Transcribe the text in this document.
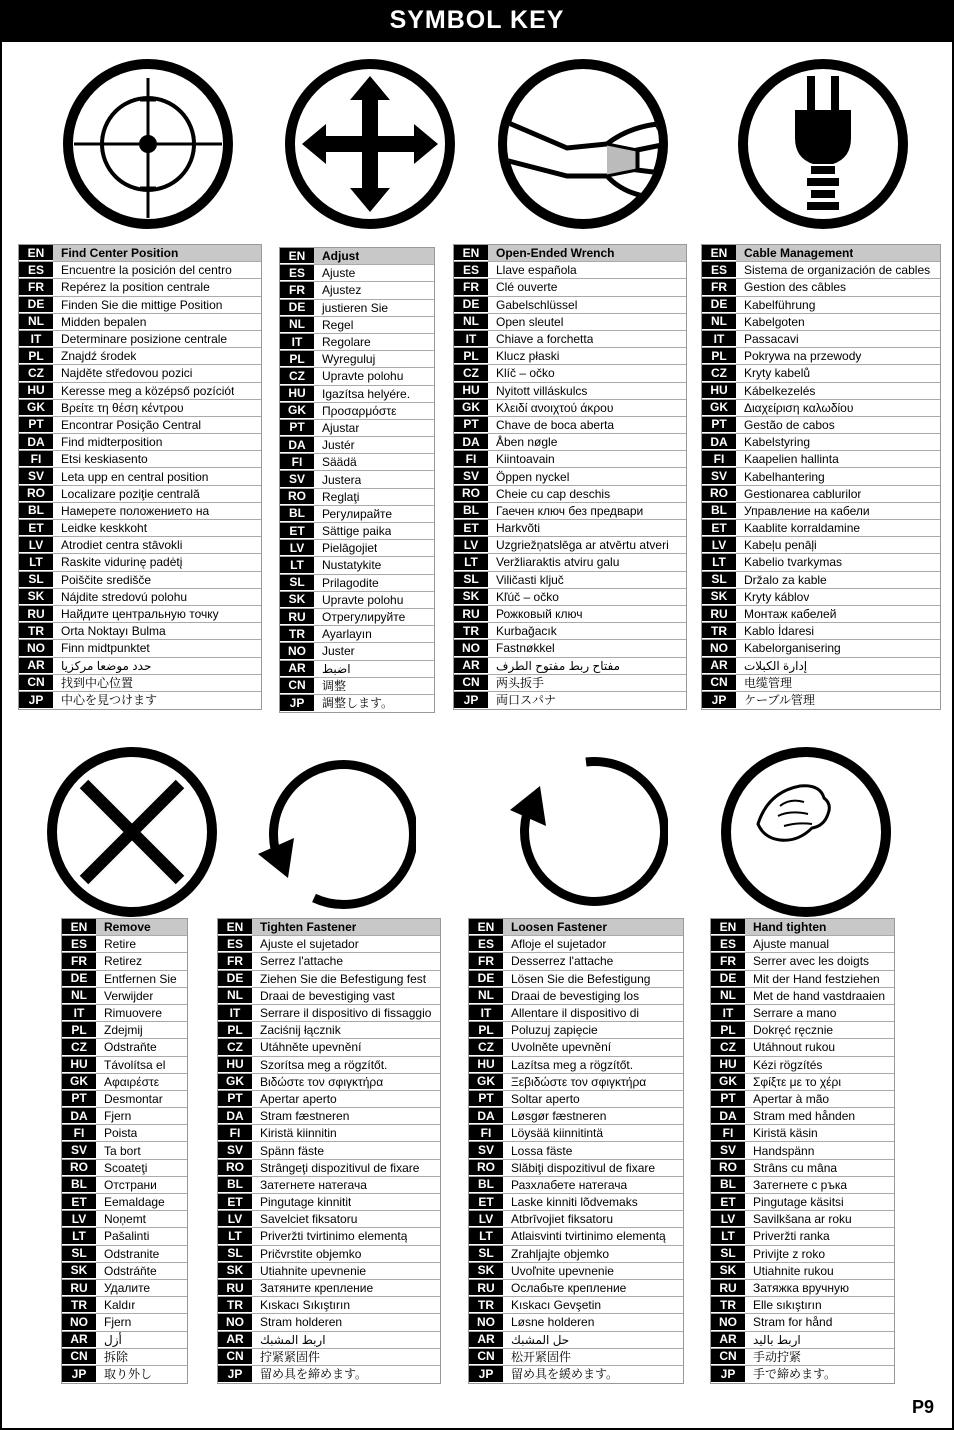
SYMBOL KEY
EN	Find Center Position
ES	Encuentre la posición del centro
FR	Repérez la position centrale
DE	Finden Sie die mittige Position
NL	Midden bepalen
IT	Determinare posizione centrale
PL	Znajdź środek
CZ	Najděte středovou pozici
HU	Keresse meg a középső pozíciót
GK	Βρείτε τη θέση κέντρου
PT	Encontrar Posição Central
DA	Find midterposition
FI	Etsi keskiasento
SV	Leta upp en central position
RO	Localizare poziţie centrală
BL	Намерете положението на
ET	Leidke keskkoht
LV	Atrodiet centra stāvokli
LT	Raskite vidurinę padėtį
SL	Poiščite središče
SK	Nájdite stredovú polohu
RU	Найдите центральную точку
TR	Orta Noktayı Bulma
NO	Finn midtpunktet
AR	حدد موضعا مركزيا
CN	找到中心位置
JP	中心を見つけます
EN	Adjust
ES	Ajuste
FR	Ajustez
DE	justieren Sie
NL	Regel
IT	Regolare
PL	Wyreguluj
CZ	Upravte polohu
HU	Igazítsa helyére.
GK	Προσαρμόστε
PT	Ajustar
DA	Justér
FI	Säädä
SV	Justera
RO	Reglaţi
BL	Регулирайте
ET	Sättige paika
LV	Pielāgojiet
LT	Nustatykite
SL	Prilagodite
SK	Upravte polohu
RU	Отрегулируйте
TR	Ayarlayın
NO	Juster
AR	اضبط
CN	调整
JP	調整します。
EN	Open-Ended Wrench
ES	Llave española
FR	Clé ouverte
DE	Gabelschlüssel
NL	Open sleutel
IT	Chiave a forchetta
PL	Klucz płaski
CZ	Klíč – očko
HU	Nyitott villáskulcs
GK	Κλειδί ανοιχτού άκρου
PT	Chave de boca aberta
DA	Åben nøgle
FI	Kiintoavain
SV	Öppen nyckel
RO	Cheie cu cap deschis
BL	Гаечен ключ без предвари
ET	Harkvõti
LV	Uzgriežņatslēga ar atvērtu atveri
LT	Veržliaraktis atviru galu
SL	Viličasti ključ
SK	Kľúč – očko
RU	Рожковый ключ
TR	Kurbağacık
NO	Fastnøkkel
AR	مفتاح ربط مفتوح الطرف
CN	两头扳手
JP	両口スパナ
EN	Cable Management
ES	Sistema de organización de cables
FR	Gestion des câbles
DE	Kabelführung
NL	Kabelgoten
IT	Passacavi
PL	Pokrywa na przewody
CZ	Kryty kabelů
HU	Kábelkezelés
GK	Διαχείριση καλωδίου
PT	Gestão de cabos
DA	Kabelstyring
FI	Kaapelien hallinta
SV	Kabelhantering
RO	Gestionarea cablurilor
BL	Управление на кабели
ET	Kaablite korraldamine
LV	Kabeļu penāļi
LT	Kabelio tvarkymas
SL	Držalo za kable
SK	Kryty káblov
RU	Монтаж кабелей
TR	Kablo İdaresi
NO	Kabelorganisering
AR	إدارة الكبلات
CN	电缆管理
JP	ケーブル管理
EN	Remove
ES	Retire
FR	Retirez
DE	Entfernen Sie
NL	Verwijder
IT	Rimuovere
PL	Zdejmij
CZ	Odstraňte
HU	Távolítsa el
GK	Αφαιρέστε
PT	Desmontar
DA	Fjern
FI	Poista
SV	Ta bort
RO	Scoateţi
BL	Отстрани
ET	Eemaldage
LV	Noņemt
LT	Pašalinti
SL	Odstranite
SK	Odstráňte
RU	Удалите
TR	Kaldır
NO	Fjern
AR	أزل
CN	拆除
JP	取り外し
EN	Tighten Fastener
ES	Ajuste el sujetador
FR	Serrez l'attache
DE	Ziehen Sie die Befestigung fest
NL	Draai de bevestiging vast
IT	Serrare il dispositivo di fissaggio
PL	Zaciśnij łącznik
CZ	Utáhněte upevnění
HU	Szorítsa meg a rögzítőt.
GK	Βιδώστε τον σφιγκτήρα
PT	Apertar aperto
DA	Stram fæstneren
FI	Kiristä kiinnitin
SV	Spänn fäste
RO	Strângeţi dispozitivul de fixare
BL	Затегнете натегача
ET	Pingutage kinnitit
LV	Savelciet fiksatoru
LT	Priveržti tvirtinimo elementą
SL	Pričvrstite objemko
SK	Utiahnite upevnenie
RU	Затяните крепление
TR	Kıskacı Sıkıştırın
NO	Stram holderen
AR	اربط المشبك
CN	拧紧紧固件
JP	留め具を締めます。
EN	Loosen Fastener
ES	Afloje el sujetador
FR	Desserrez l'attache
DE	Lösen Sie die Befestigung
NL	Draai de bevestiging los
IT	Allentare il dispositivo di
PL	Poluzuj zapięcie
CZ	Uvolněte upevnění
HU	Lazítsa meg a rögzítőt.
GK	Ξεβιδώστε τον σφιγκτήρα
PT	Soltar aperto
DA	Løsgør fæstneren
FI	Löysää kiinnitintä
SV	Lossa fäste
RO	Slăbiţi dispozitivul de fixare
BL	Разхлабете натегача
ET	Laske kinniti lõdvemaks
LV	Atbrīvojiet fiksatoru
LT	Atlaisvinti tvirtinimo elementą
SL	Zrahljajte objemko
SK	Uvoľnite upevnenie
RU	Ослабьте крепление
TR	Kıskacı Gevşetin
NO	Løsne holderen
AR	حل المشبك
CN	松开紧固件
JP	留め具を緩めます。
EN	Hand tighten
ES	Ajuste manual
FR	Serrer avec les doigts
DE	Mit der Hand festziehen
NL	Met de hand vastdraaien
IT	Serrare a mano
PL	Dokręć ręcznie
CZ	Utáhnout rukou
HU	Kézi rögzítés
GK	Σφίξτε με το χέρι
PT	Apertar à mão
DA	Stram med hånden
FI	Kiristä käsin
SV	Handspänn
RO	Strâns cu mâna
BL	Затегнете с ръка
ET	Pingutage käsitsi
LV	Savilkšana ar roku
LT	Priveržti ranka
SL	Privijte z roko
SK	Utiahnite rukou
RU	Затяжка вручную
TR	Elle sıkıştırın
NO	Stram for hånd
AR	اربط باليد
CN	手动拧紧
JP	手で締めます。
P9
